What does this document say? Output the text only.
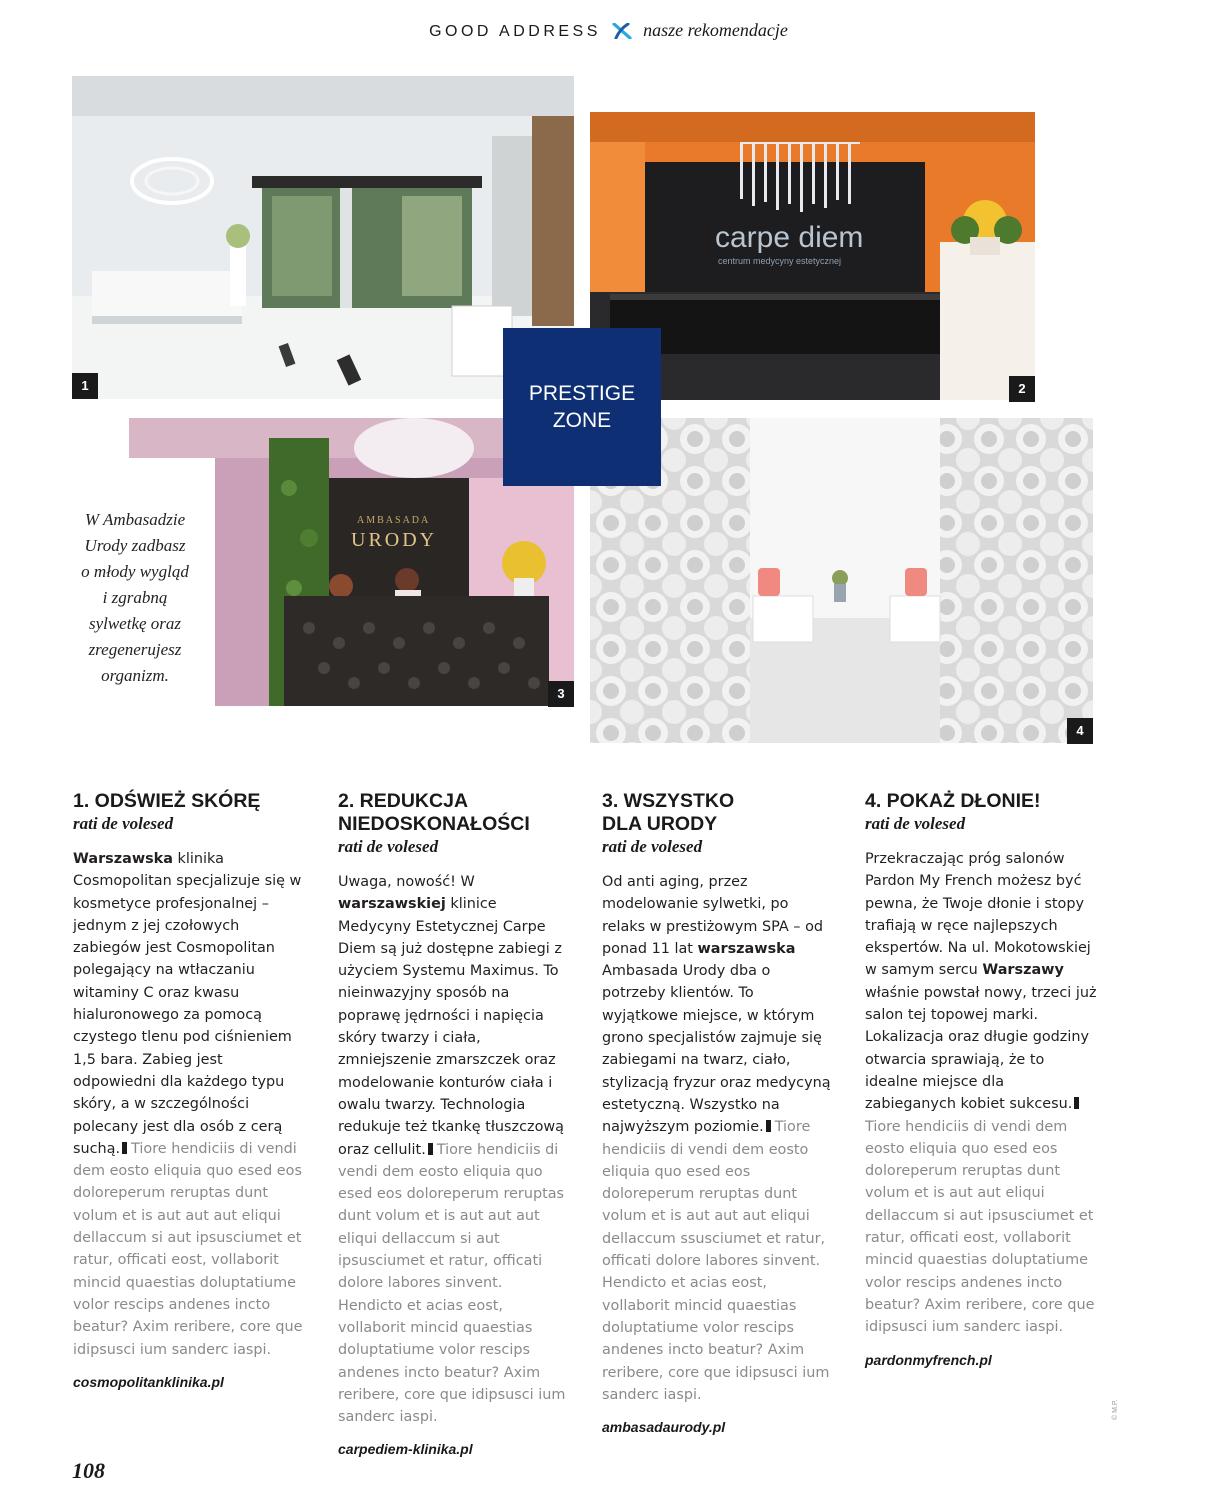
GOOD ADDRESS nasze rekomendacje
1
carpe diem
centrum medycyny estetycznej
2
AMBASADA
URODY
3
W Ambasadzie
Urody zadbasz
o młody wygląd
i zgrabną
sylwetkę oraz
zregenerujesz
organizm.
4
PRESTIGE
ZONE
1. ODŚWIEŻ SKÓRĘ
rati de volesed
Warszawska klinika Cosmopolitan specjalizuje się w kosmetyce profesjonalnej – jednym z jej czołowych zabiegów jest Cosmopolitan polegający na wtłaczaniu witaminy C oraz kwasu hialuronowego za pomocą czystego tlenu pod ciśnieniem 1,5 bara. Zabieg jest odpowiedni dla każdego typu skóry, a w szczególności polecany jest dla osób z cerą suchą. Tiore hendiciis di vendi dem eosto eliquia quo esed eos doloreperum reruptas dunt volum et is aut aut aut eliqui dellaccum si aut ipsusciumet et ratur, officati eost, vollaborit mincid quaestias doluptatiume volor rescips andenes incto beatur? Axim reribere, core que idipsusci ium sanderc iaspi.
cosmopolitanklinika.pl
2. REDUKCJA NIEDOSKONAŁOŚCI
rati de volesed
Uwaga, nowość! W warszawskiej klinice Medycyny Estetycznej Carpe Diem są już dostępne zabiegi z użyciem Systemu Maximus. To nieinwazyjny sposób na poprawę jędrności i napięcia skóry twarzy i ciała, zmniejszenie zmarszczek oraz modelowanie konturów ciała i owalu twarzy. Technologia redukuje też tkankę tłuszczową oraz cellulit. Tiore hendiciis di vendi dem eosto eliquia quo esed eos doloreperum reruptas dunt volum et is aut aut aut eliqui dellaccum si aut ipsusciumet et ratur, officati dolore labores sinvent. Hendicto et acias eost, vollaborit mincid quaestias doluptatiume volor rescips andenes incto beatur? Axim reribere, core que idipsusci ium sanderc iaspi.
carpediem-klinika.pl
3. WSZYSTKO DLA URODY
rati de volesed
Od anti aging, przez modelowanie sylwetki, po relaks w prestiżowym SPA – od ponad 11 lat warszawska Ambasada Urody dba o potrzeby klientów. To wyjątkowe miejsce, w którym grono specjalistów zajmuje się zabiegami na twarz, ciało, stylizacją fryzur oraz medycyną estetyczną. Wszystko na najwyższym poziomie. Tiore hendiciis di vendi dem eosto eliquia quo esed eos doloreperum reruptas dunt volum et is aut aut aut eliqui dellaccum ssusciumet et ratur, officati dolore labores sinvent. Hendicto et acias eost, vollaborit mincid quaestias doluptatiume volor rescips andenes incto beatur? Axim reribere, core que idipsusci ium sanderc iaspi.
ambasadaurody.pl
4. POKAŻ DŁONIE!
rati de volesed
Przekraczając próg salonów Pardon My French możesz być pewna, że Twoje dłonie i stopy trafiają w ręce najlepszych ekspertów. Na ul. Mokotowskiej w samym sercu Warszawy właśnie powstał nowy, trzeci już salon tej topowej marki. Lokalizacja oraz długie godziny otwarcia sprawiają, że to idealne miejsce dla zabieganych kobiet sukcesu.Tiore hendiciis di vendi dem eosto eliquia quo esed eos doloreperum reruptas dunt volum et is aut aut eliqui dellaccum si aut ipsusciumet et ratur, officati eost, vollaborit mincid quaestias doluptatiume volor rescips andenes incto beatur? Axim reribere, core que idipsusci ium sanderc iaspi.
pardonmyfrench.pl
108
© M.P.
